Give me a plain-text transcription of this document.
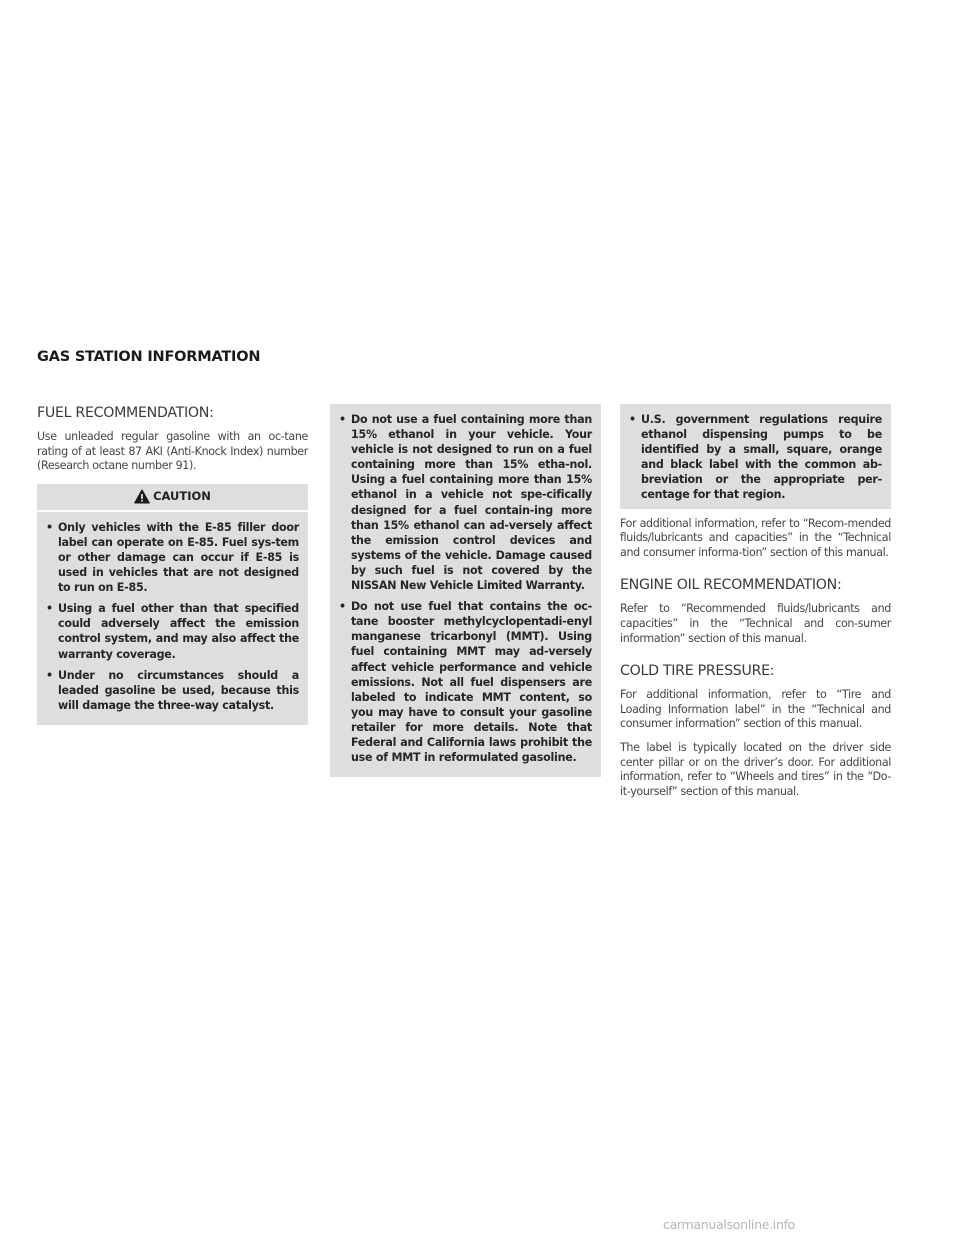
GAS STATION INFORMATION
FUEL RECOMMENDATION:

Use unleaded regular gasoline with an oc-tane rating of at least 87 AKI (Anti-Knock Index) number (Research octane number 91).

CAUTION
• Only vehicles with the E-85 filler door label can operate on E-85. Fuel sys-tem or other damage can occur if E-85 is used in vehicles that are not designed to run on E-85.
• Using a fuel other than that specified could adversely affect the emission control system, and may also affect the warranty coverage.
• Under no circumstances should a leaded gasoline be used, because this will damage the three-way catalyst.
• Do not use a fuel containing more than 15% ethanol in your vehicle. Your vehicle is not designed to run on a fuel containing more than 15% etha-nol. Using a fuel containing more than 15% ethanol in a vehicle not spe-cifically designed for a fuel contain-ing more than 15% ethanol can ad-versely affect the emission control devices and systems of the vehicle. Damage caused by such fuel is not covered by the NISSAN New Vehicle Limited Warranty.
• Do not use fuel that contains the oc-tane booster methylcyclopentadi-enyl manganese tricarbonyl (MMT). Using fuel containing MMT may ad-versely affect vehicle performance and vehicle emissions. Not all fuel dispensers are labeled to indicate MMT content, so you may have to consult your gasoline retailer for more details. Note that Federal and California laws prohibit the use of MMT in reformulated gasoline.
• U.S. government regulations require ethanol dispensing pumps to be identified by a small, square, orange and black label with the common ab-breviation or the appropriate per-centage for that region.

For additional information, refer to “Recom-mended fluids/lubricants and capacities” in the “Technical and consumer informa-tion” section of this manual.

ENGINE OIL RECOMMENDATION:

Refer to “Recommended fluids/lubricants and capacities” in the “Technical and con-sumer information” section of this manual.

COLD TIRE PRESSURE:

For additional information, refer to “Tire and Loading Information label” in the “Technical and consumer information” section of this manual.

The label is typically located on the driver side center pillar or on the driver’s door. For additional information, refer to “Wheels and tires” in the “Do-it-yourself” section of this manual.

carmanualsonline.info
